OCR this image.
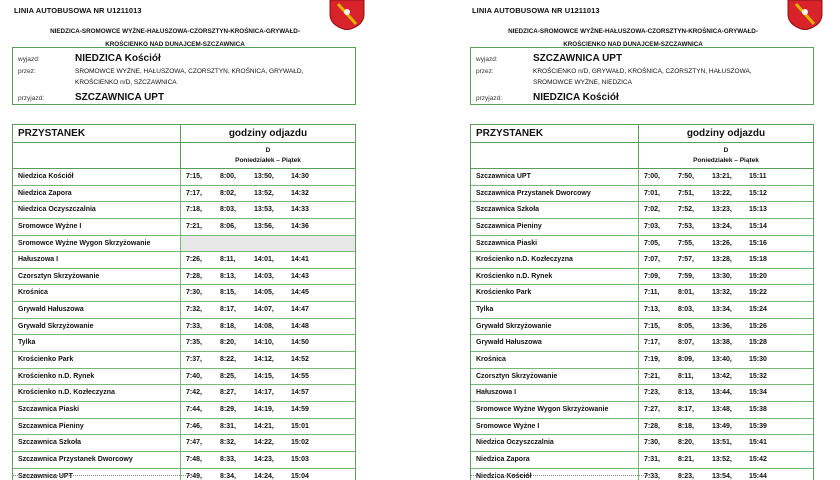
LINIA AUTOBUSOWA NR U1211013
NIEDZICA-SROMOWCE WYŻNE-HAŁUSZOWA-CZORSZTYN-KROŚNICA-GRYWAŁD-
KROŚCIENKO NAD DUNAJCEM-SZCZAWNICA
wyjazd:	NIEDZICA Kościół
przez:	SROMOWCE WYŻNE, HAŁUSZOWA, CZORSZTYN, KROŚNICA, GRYWAŁD,
KROŚCIENKO n/D, SZCZAWNICA
przyjazd:	SZCZAWNICA UPT
PRZYSTANEK	godziny odjazdu
D
Poniedziałek – Piątek
Niedzica Kościół	7:15,	8:00,	13:50,	14:30
Niedzica Zapora	7:17,	8:02,	13:52,	14:32
Niedzica Oczyszczalnia	7:18,	8:03,	13:53,	14:33
Sromowce Wyżne I	7:21,	8:06,	13:56,	14:36
Sromowce Wyżne Wygon Skrzyżowanie
Hałuszowa I	7:26,	8:11,	14:01,	14:41
Czorsztyn Skrzyżowanie	7:28,	8:13,	14:03,	14:43
Krośnica	7:30,	8:15,	14:05,	14:45
Grywałd Hałuszowa	7:32,	8:17,	14:07,	14:47
Grywałd Skrzyżowanie	7:33,	8:18,	14:08,	14:48
Tylka	7:35,	8:20,	14:10,	14:50
Krościenko Park	7:37,	8:22,	14:12,	14:52
Krościenko n.D. Rynek	7:40,	8:25,	14:15,	14:55
Krościenko n.D. Kozłeczyzna	7:42,	8:27,	14:17,	14:57
Szczawnica Piaski	7:44,	8:29,	14:19,	14:59
Szczawnica Pieniny	7:46,	8:31,	14:21,	15:01
Szczawnica Szkoła	7:47,	8:32,	14:22,	15:02
Szczawnica Przystanek Dworcowy	7:48,	8:33,	14:23,	15:03
Szczawnica UPT	7:49,	8:34,	14:24,	15:04
LINIA AUTOBUSOWA NR U1211013
NIEDZICA-SROMOWCE WYŻNE-HAŁUSZOWA-CZORSZTYN-KROŚNICA-GRYWAŁD-
KROŚCIENKO NAD DUNAJCEM-SZCZAWNICA
wyjazd:	SZCZAWNICA UPT
przez:	KROŚCIENKO n/D, GRYWAŁD, KROŚNICA, CZORSZTYN, HAŁUSZOWA,
SROMOWCE WYŻNE, NIEDZICA
przyjazd:	NIEDZICA Kościół
PRZYSTANEK	godziny odjazdu
D
Poniedziałek – Piątek
Szczawnica UPT	7:00,	7:50,	13:21,	15:11
Szczawnica Przystanek Dworcowy	7:01,	7:51,	13:22,	15:12
Szczawnica Szkoła	7:02,	7:52,	13:23,	15:13
Szczawnica Pieniny	7:03,	7:53,	13:24,	15:14
Szczawnica Piaski	7:05,	7:55,	13:26,	15:16
Krościenko n.D. Kozłeczyzna	7:07,	7:57,	13:28,	15:18
Krościenko n.D. Rynek	7:09,	7:59,	13:30,	15:20
Krościenko Park	7:11,	8:01,	13:32,	15:22
Tylka	7:13,	8:03,	13:34,	15:24
Grywałd Skrzyżowanie	7:15,	8:05,	13:36,	15:26
Grywałd Hałuszowa	7:17,	8:07,	13:38,	15:28
Krośnica	7:19,	8:09,	13:40,	15:30
Czorsztyn Skrzyżowanie	7:21,	8:11,	13:42,	15:32
Hałuszowa I	7:23,	8:13,	13:44,	15:34
Sromowce Wyżne Wygon Skrzyżowanie	7:27,	8:17,	13:48,	15:38
Sromowce Wyżne I	7:28,	8:18,	13:49,	15:39
Niedzica Oczyszczalnia	7:30,	8:20,	13:51,	15:41
Niedzica Zapora	7:31,	8:21,	13:52,	15:42
Niedzica Kościół	7:33,	8:23,	13:54,	15:44
